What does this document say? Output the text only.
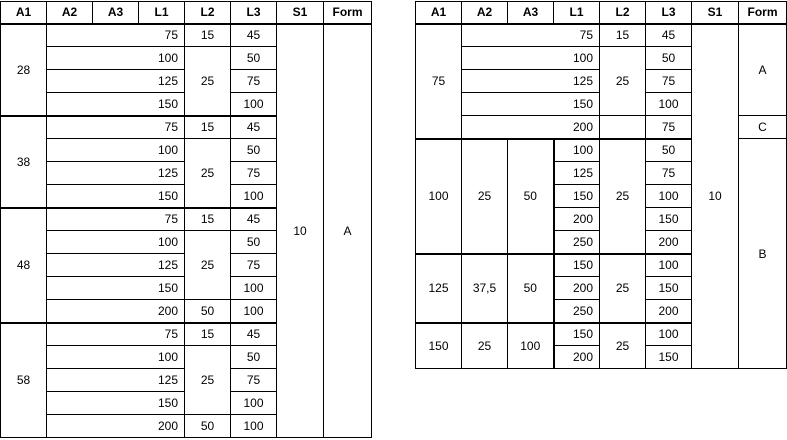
A1	A2	A3	L1	L2	L3	S1	Form
28	75			15	45	10	A
	100			25	50		
	125				75		
	150				100		
38	75			15	45		
	100			25	50		
	125				75		
	150				100		
48	75			15	45		
	100			25	50		
	125				75		
	150				100		
	200			50	100		
58	75			15	45		
	100			25	50		
	125				75		
	150				100		
	200			50	100		
A1	A2	A3	L1	L2	L3	S1	Form
75	75			15	45	10	A
	100			25	50		
	125				75		
	150				100		
	200				75		C
100	25	50	100	25	50		B
			125		75		
			150		100		
			200		150		
			250		200		
125	37,5	50	150	25	100		
			200		150		
			250		200		
150	25	100	150	25	100		
			200		150		
